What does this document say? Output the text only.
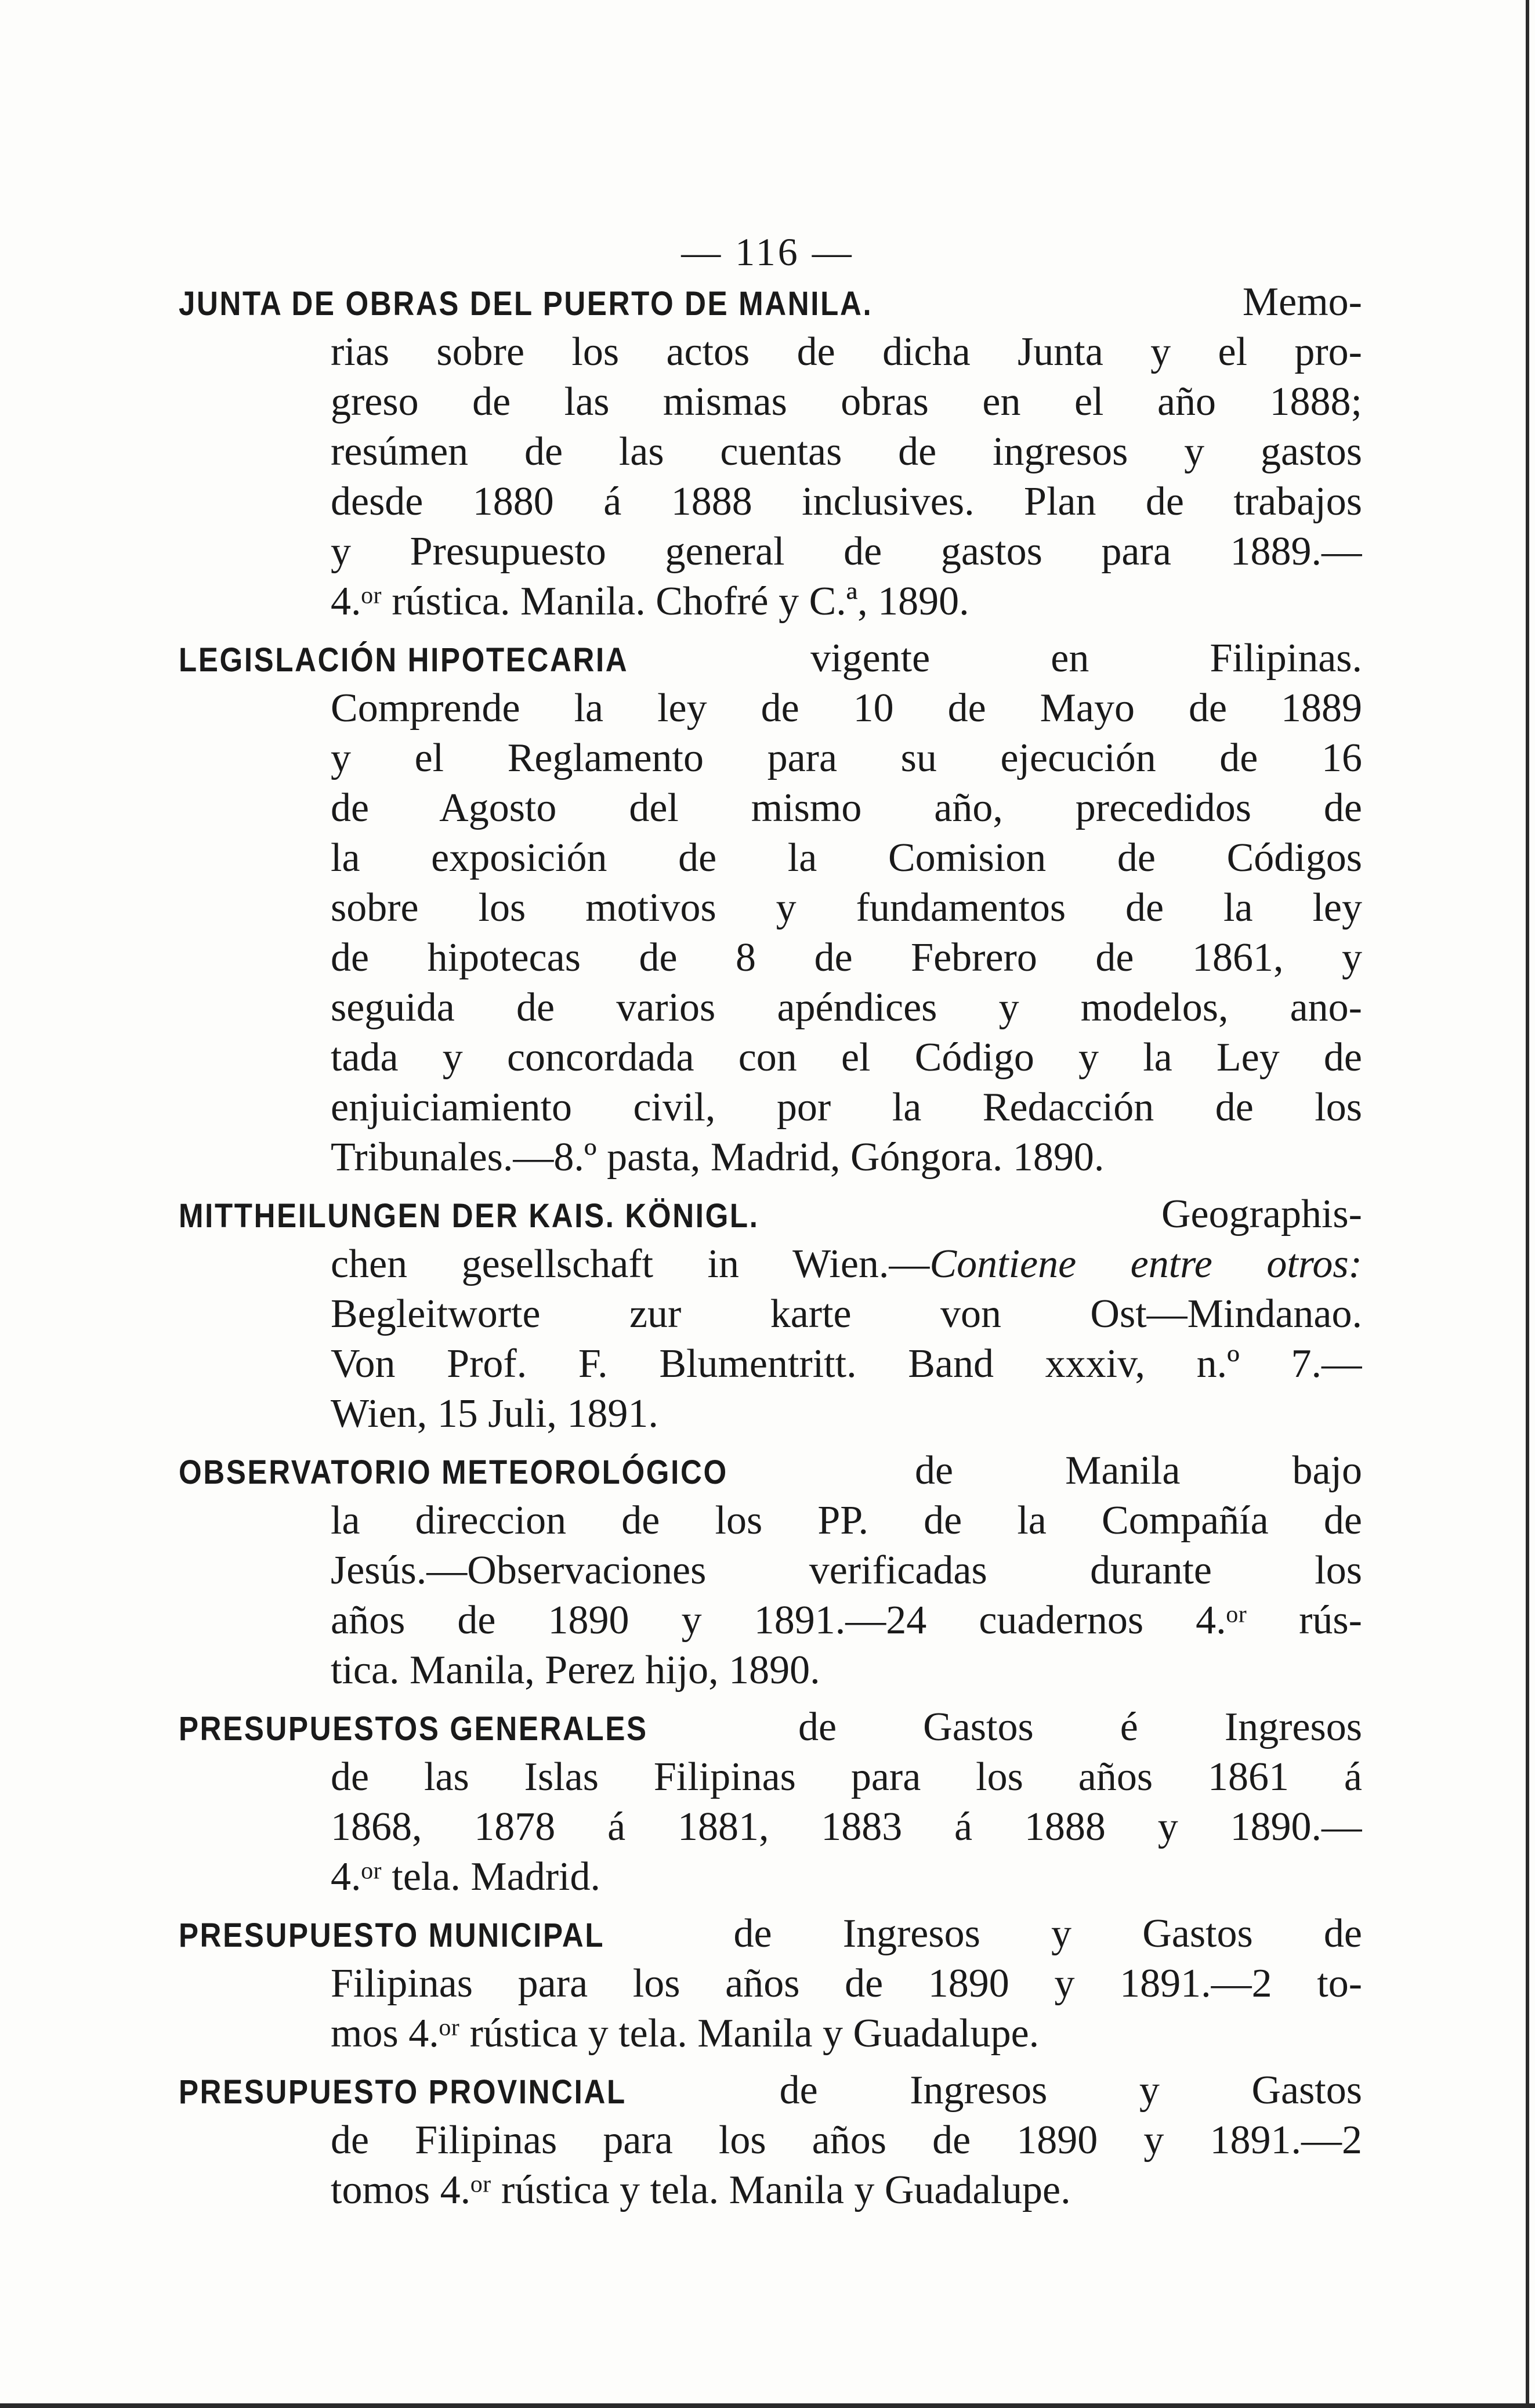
— 116 —
JUNTA DE OBRAS DEL PUERTO DE MANILA. Memo-
rias sobre los actos de dicha Junta y el pro-
greso de las mismas obras en el año 1888;
resúmen de las cuentas de ingresos y gastos
desde 1880 á 1888 inclusives. Plan de trabajos
y Presupuesto general de gastos para 1889.—
4.ᵒʳ rústica. Manila. Chofré y C.ª, 1890.
LEGISLACIÓN HIPOTECARIA vigente en Filipinas.
Comprende la ley de 10 de Mayo de 1889
y el Reglamento para su ejecución de 16
de Agosto del mismo año, precedidos de
la exposición de la Comision de Códigos
sobre los motivos y fundamentos de la ley
de hipotecas de 8 de Febrero de 1861, y
seguida de varios apéndices y modelos, ano-
tada y concordada con el Código y la Ley de
enjuiciamiento civil, por la Redacción de los
Tribunales.—8.º pasta, Madrid, Góngora. 1890.
MITTHEILUNGEN DER KAIS. KÖNIGL. Geographis-
chen gesellschaft in Wien.—Contiene entre otros:
Begleitworte zur karte von Ost—Mindanao.
Von Prof. F. Blumentritt. Band xxxiv, n.º 7.—
Wien, 15 Juli, 1891.
OBSERVATORIO METEOROLÓGICO de Manila bajo
la direccion de los PP. de la Compañía de
Jesús.—Observaciones verificadas durante los
años de 1890 y 1891.—24 cuadernos 4.ᵒʳ rús-
tica. Manila, Perez hijo, 1890.
PRESUPUESTOS GENERALES de Gastos é Ingresos
de las Islas Filipinas para los años 1861 á
1868, 1878 á 1881, 1883 á 1888 y 1890.—
4.ᵒʳ tela. Madrid.
PRESUPUESTO MUNICIPAL de Ingresos y Gastos de
Filipinas para los años de 1890 y 1891.—2 to-
mos 4.ᵒʳ rústica y tela. Manila y Guadalupe.
PRESUPUESTO PROVINCIAL de Ingresos y Gastos
de Filipinas para los años de 1890 y 1891.—2
tomos 4.ᵒʳ rústica y tela. Manila y Guadalupe.
